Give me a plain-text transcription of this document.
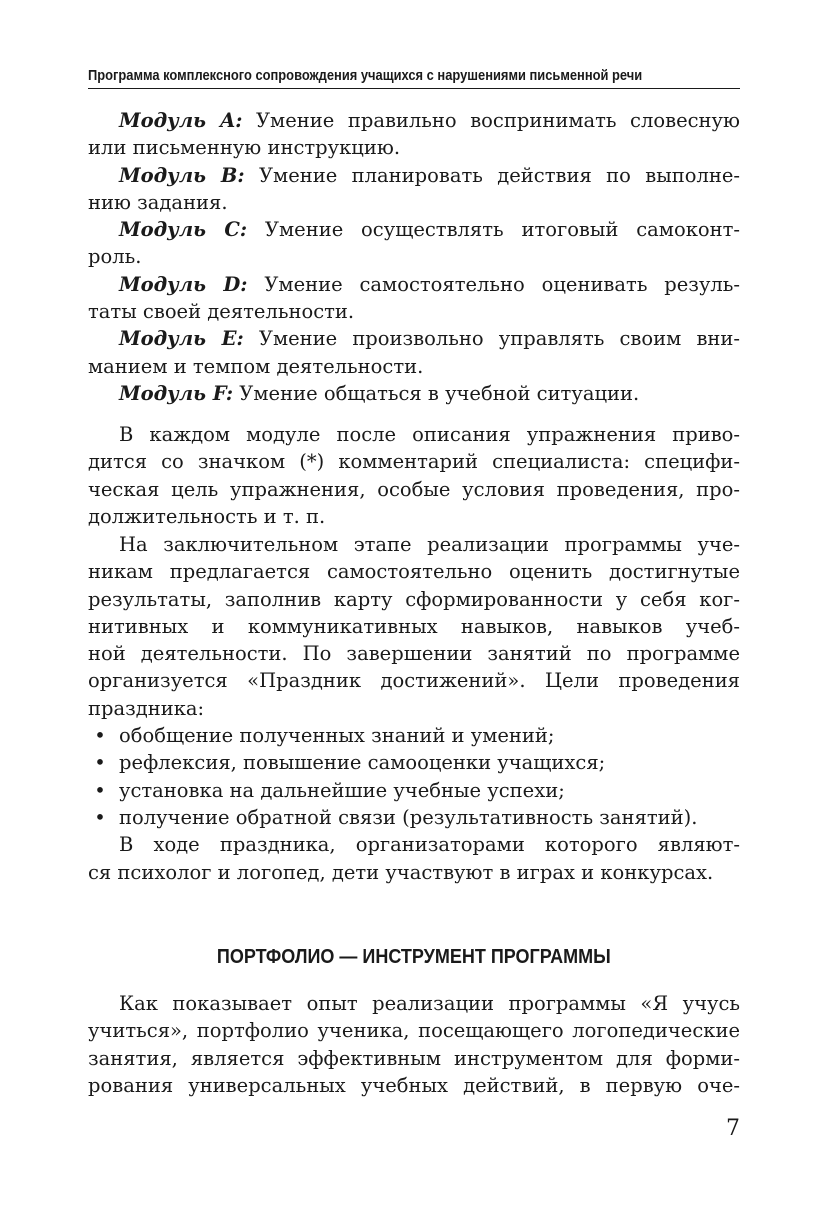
Программа комплексного сопровождения учащихся с нарушениями письменной речи

Модуль A: Умение правильно воспринимать словесную

или письменную инструкцию.

Модуль B: Умение планировать действия по выполне-

нию задания.

Модуль C: Умение осуществлять итоговый самоконт-

роль.

Модуль D: Умение самостоятельно оценивать резуль-

таты своей деятельности.

Модуль E: Умение произвольно управлять своим вни-

манием и темпом деятельности.

Модуль F: Умение общаться в учебной ситуации.

В каждом модуле после описания упражнения приво-

дится со значком (*) комментарий специалиста: специфи-

ческая цель упражнения, особые условия проведения, про-

должительность и т. п.

На заключительном этапе реализации программы уче-

никам предлагается самостоятельно оценить достигнутые

результаты, заполнив карту сформированности у себя ког-

нитивных и коммуникативных навыков, навыков учеб-

ной деятельности. По завершении занятий по программе

организуется «Праздник достижений». Цели проведения

праздника:

• обобщение полученных знаний и умений;

• рефлексия, повышение самооценки учащихся;

• установка на дальнейшие учебные успехи;

• получение обратной связи (результативность занятий).

В ходе праздника, организаторами которого являют-

ся психолог и логопед, дети участвуют в играх и конкурсах.

ПОРТФОЛИО — ИНСТРУМЕНТ ПРОГРАММЫ

Как показывает опыт реализации программы «Я учусь

учиться», портфолио ученика, посещающего логопедические

занятия, является эффективным инструментом для форми-

рования универсальных учебных действий, в первую оче-

7
